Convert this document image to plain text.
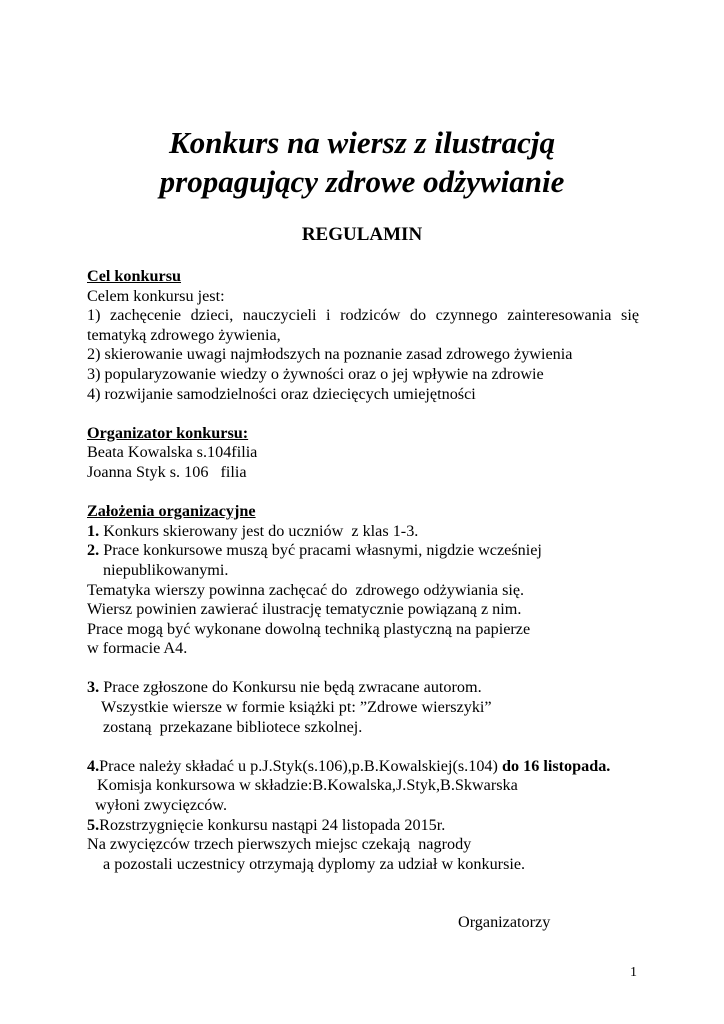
Konkurs na wiersz z ilustracją
propagujący zdrowe odżywianie
REGULAMIN
Cel konkursu
Celem konkursu jest:
1) zachęcenie dzieci, nauczycieli i rodziców do czynnego zainteresowania się
tematyką zdrowego żywienia,
2) skierowanie uwagi najmłodszych na poznanie zasad zdrowego żywienia
3) popularyzowanie wiedzy o żywności oraz o jej wpływie na zdrowie
4) rozwijanie samodzielności oraz dziecięcych umiejętności
Organizator konkursu:
Beata Kowalska s.104filia
Joanna Styk s. 106   filia
Założenia organizacyjne
1. Konkurs skierowany jest do uczniów  z klas 1-3.
2. Prace konkursowe muszą być pracami własnymi, nigdzie wcześniej
niepublikowanymi.
Tematyka wierszy powinna zachęcać do  zdrowego odżywiania się.
Wiersz powinien zawierać ilustrację tematycznie powiązaną z nim.
Prace mogą być wykonane dowolną techniką plastyczną na papierze
w formacie A4.
3. Prace zgłoszone do Konkursu nie będą zwracane autorom.
Wszystkie wiersze w formie książki pt: ”Zdrowe wierszyki”
zostaną  przekazane bibliotece szkolnej.
4.Prace należy składać u p.J.Styk(s.106),p.B.Kowalskiej(s.104) do 16 listopada.
Komisja konkursowa w składzie:B.Kowalska,J.Styk,B.Skwarska
wyłoni zwycięzców.
5.Rozstrzygnięcie konkursu nastąpi 24 listopada 2015r.
Na zwycięzców trzech pierwszych miejsc czekają  nagrody
a pozostali uczestnicy otrzymają dyplomy za udział w konkursie.
Organizatorzy
1
